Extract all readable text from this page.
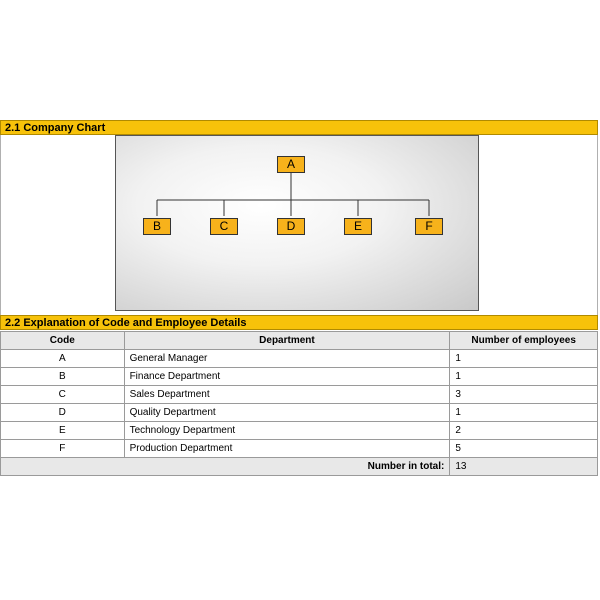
2.1 Company Chart
A
B	C	D	E	F
2.2 Explanation of Code and Employee Details
Code	Department	Number of employees
A	General Manager	1
B	Finance Department	1
C	Sales Department	3
D	Quality Department	1
E	Technology Department	2
F	Production Department	5
Number in total:		13
